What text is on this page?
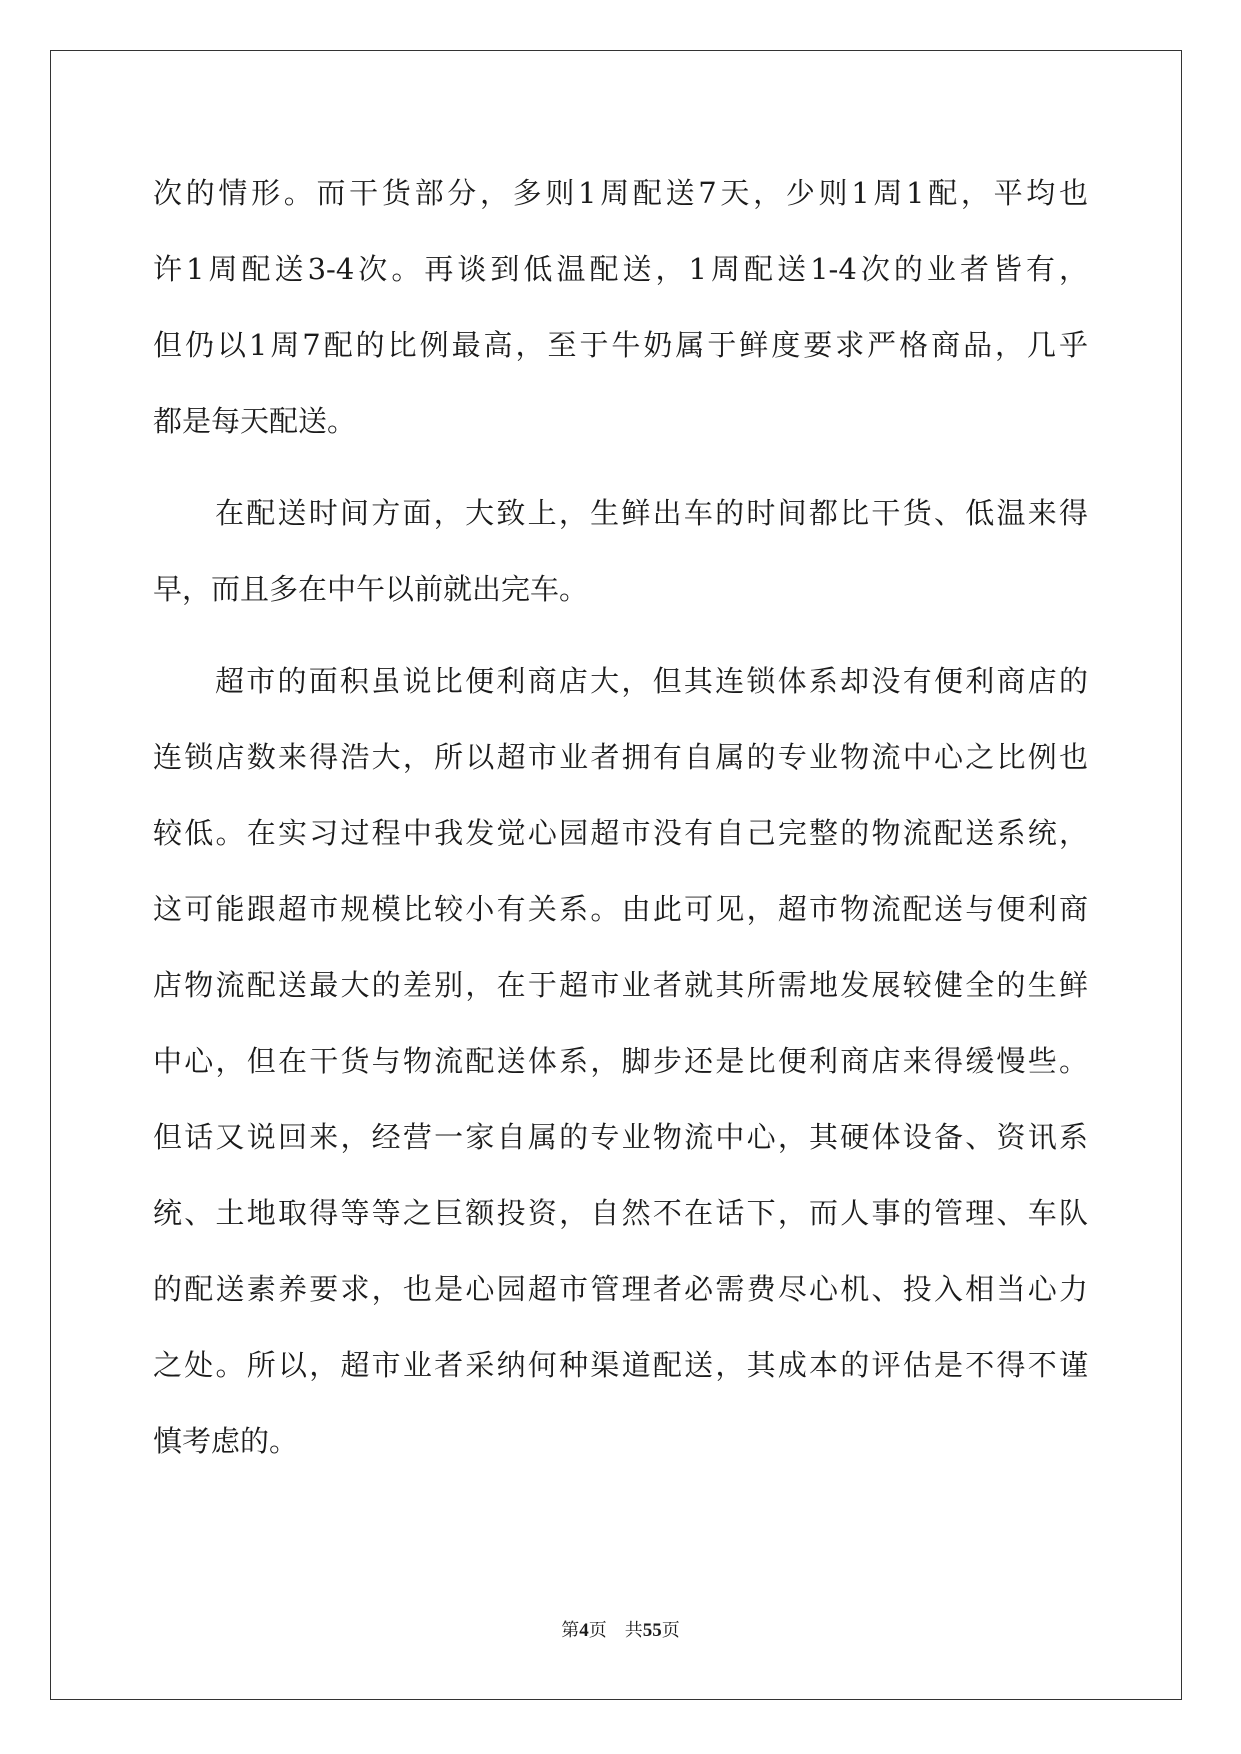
次的情形。而干货部分，多则1周配送7天，少则1周1配，平均也
许1周配送3-4次。再谈到低温配送，1周配送1-4次的业者皆有，
但仍以1周7配的比例最高，至于牛奶属于鲜度要求严格商品，几乎
都是每天配送。
在配送时间方面，大致上，生鲜出车的时间都比干货、低温来得
早，而且多在中午以前就出完车。
超市的面积虽说比便利商店大，但其连锁体系却没有便利商店的
连锁店数来得浩大，所以超市业者拥有自属的专业物流中心之比例也
较低。在实习过程中我发觉心园超市没有自己完整的物流配送系统，
这可能跟超市规模比较小有关系。由此可见，超市物流配送与便利商
店物流配送最大的差别，在于超市业者就其所需地发展较健全的生鲜
中心，但在干货与物流配送体系，脚步还是比便利商店来得缓慢些。
但话又说回来，经营一家自属的专业物流中心，其硬体设备、资讯系
统、土地取得等等之巨额投资，自然不在话下，而人事的管理、车队
的配送素养要求，也是心园超市管理者必需费尽心机、投入相当心力
之处。所以，超市业者采纳何种渠道配送，其成本的评估是不得不谨
慎考虑的。
第4页 共55页
